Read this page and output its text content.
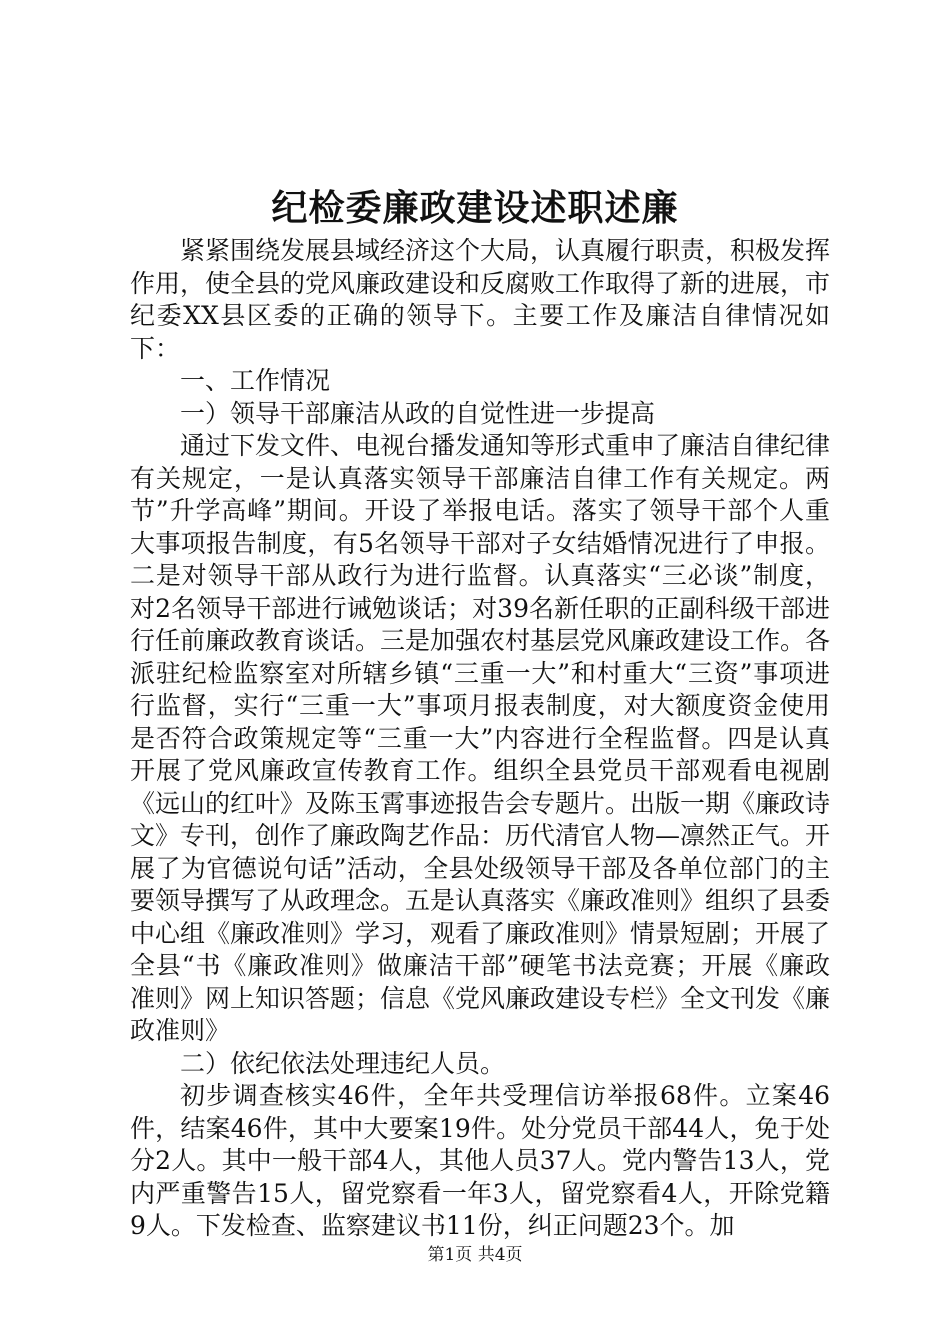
纪检委廉政建设述职述廉

紧紧围绕发展县域经济这个大局，认真履行职责，积极发挥作用，使全县的党风廉政建设和反腐败工作取得了新的进展，市纪委XX县区委的正确的领导下。主要工作及廉洁自律情况如下：

一、工作情况

一）领导干部廉洁从政的自觉性进一步提高

通过下发文件、电视台播发通知等形式重申了廉洁自律纪律有关规定，一是认真落实领导干部廉洁自律工作有关规定。两节”升学高峰”期间。开设了举报电话。落实了领导干部个人重大事项报告制度，有5名领导干部对子女结婚情况进行了申报。二是对领导干部从政行为进行监督。认真落实“三必谈”制度，对2名领导干部进行诫勉谈话；对39名新任职的正副科级干部进行任前廉政教育谈话。三是加强农村基层党风廉政建设工作。各派驻纪检监察室对所辖乡镇“三重一大”和村重大“三资”事项进行监督，实行“三重一大”事项月报表制度，对大额度资金使用是否符合政策规定等“三重一大”内容进行全程监督。四是认真开展了党风廉政宣传教育工作。组织全县党员干部观看电视剧《远山的红叶》及陈玉霄事迹报告会专题片。出版一期《廉政诗文》专刊，创作了廉政陶艺作品：历代清官人物—凛然正气。开展了为官德说句话”活动，全县处级领导干部及各单位部门的主要领导撰写了从政理念。五是认真落实《廉政准则》组织了县委中心组《廉政准则》学习，观看了廉政准则》情景短剧；开展了全县“书《廉政准则》做廉洁干部”硬笔书法竞赛；开展《廉政准则》网上知识答题；信息《党风廉政建设专栏》全文刊发《廉政准则》

二）依纪依法处理违纪人员。

初步调查核实46件，全年共受理信访举报68件。立案46件，结案46件，其中大要案19件。处分党员干部44人，免于处分2人。其中一般干部4人，其他人员37人。党内警告13人，党内严重警告15人，留党察看一年3人，留党察看4人，开除党籍9人。下发检查、监察建议书11份，纠正问题23个。加

第1页 共4页
